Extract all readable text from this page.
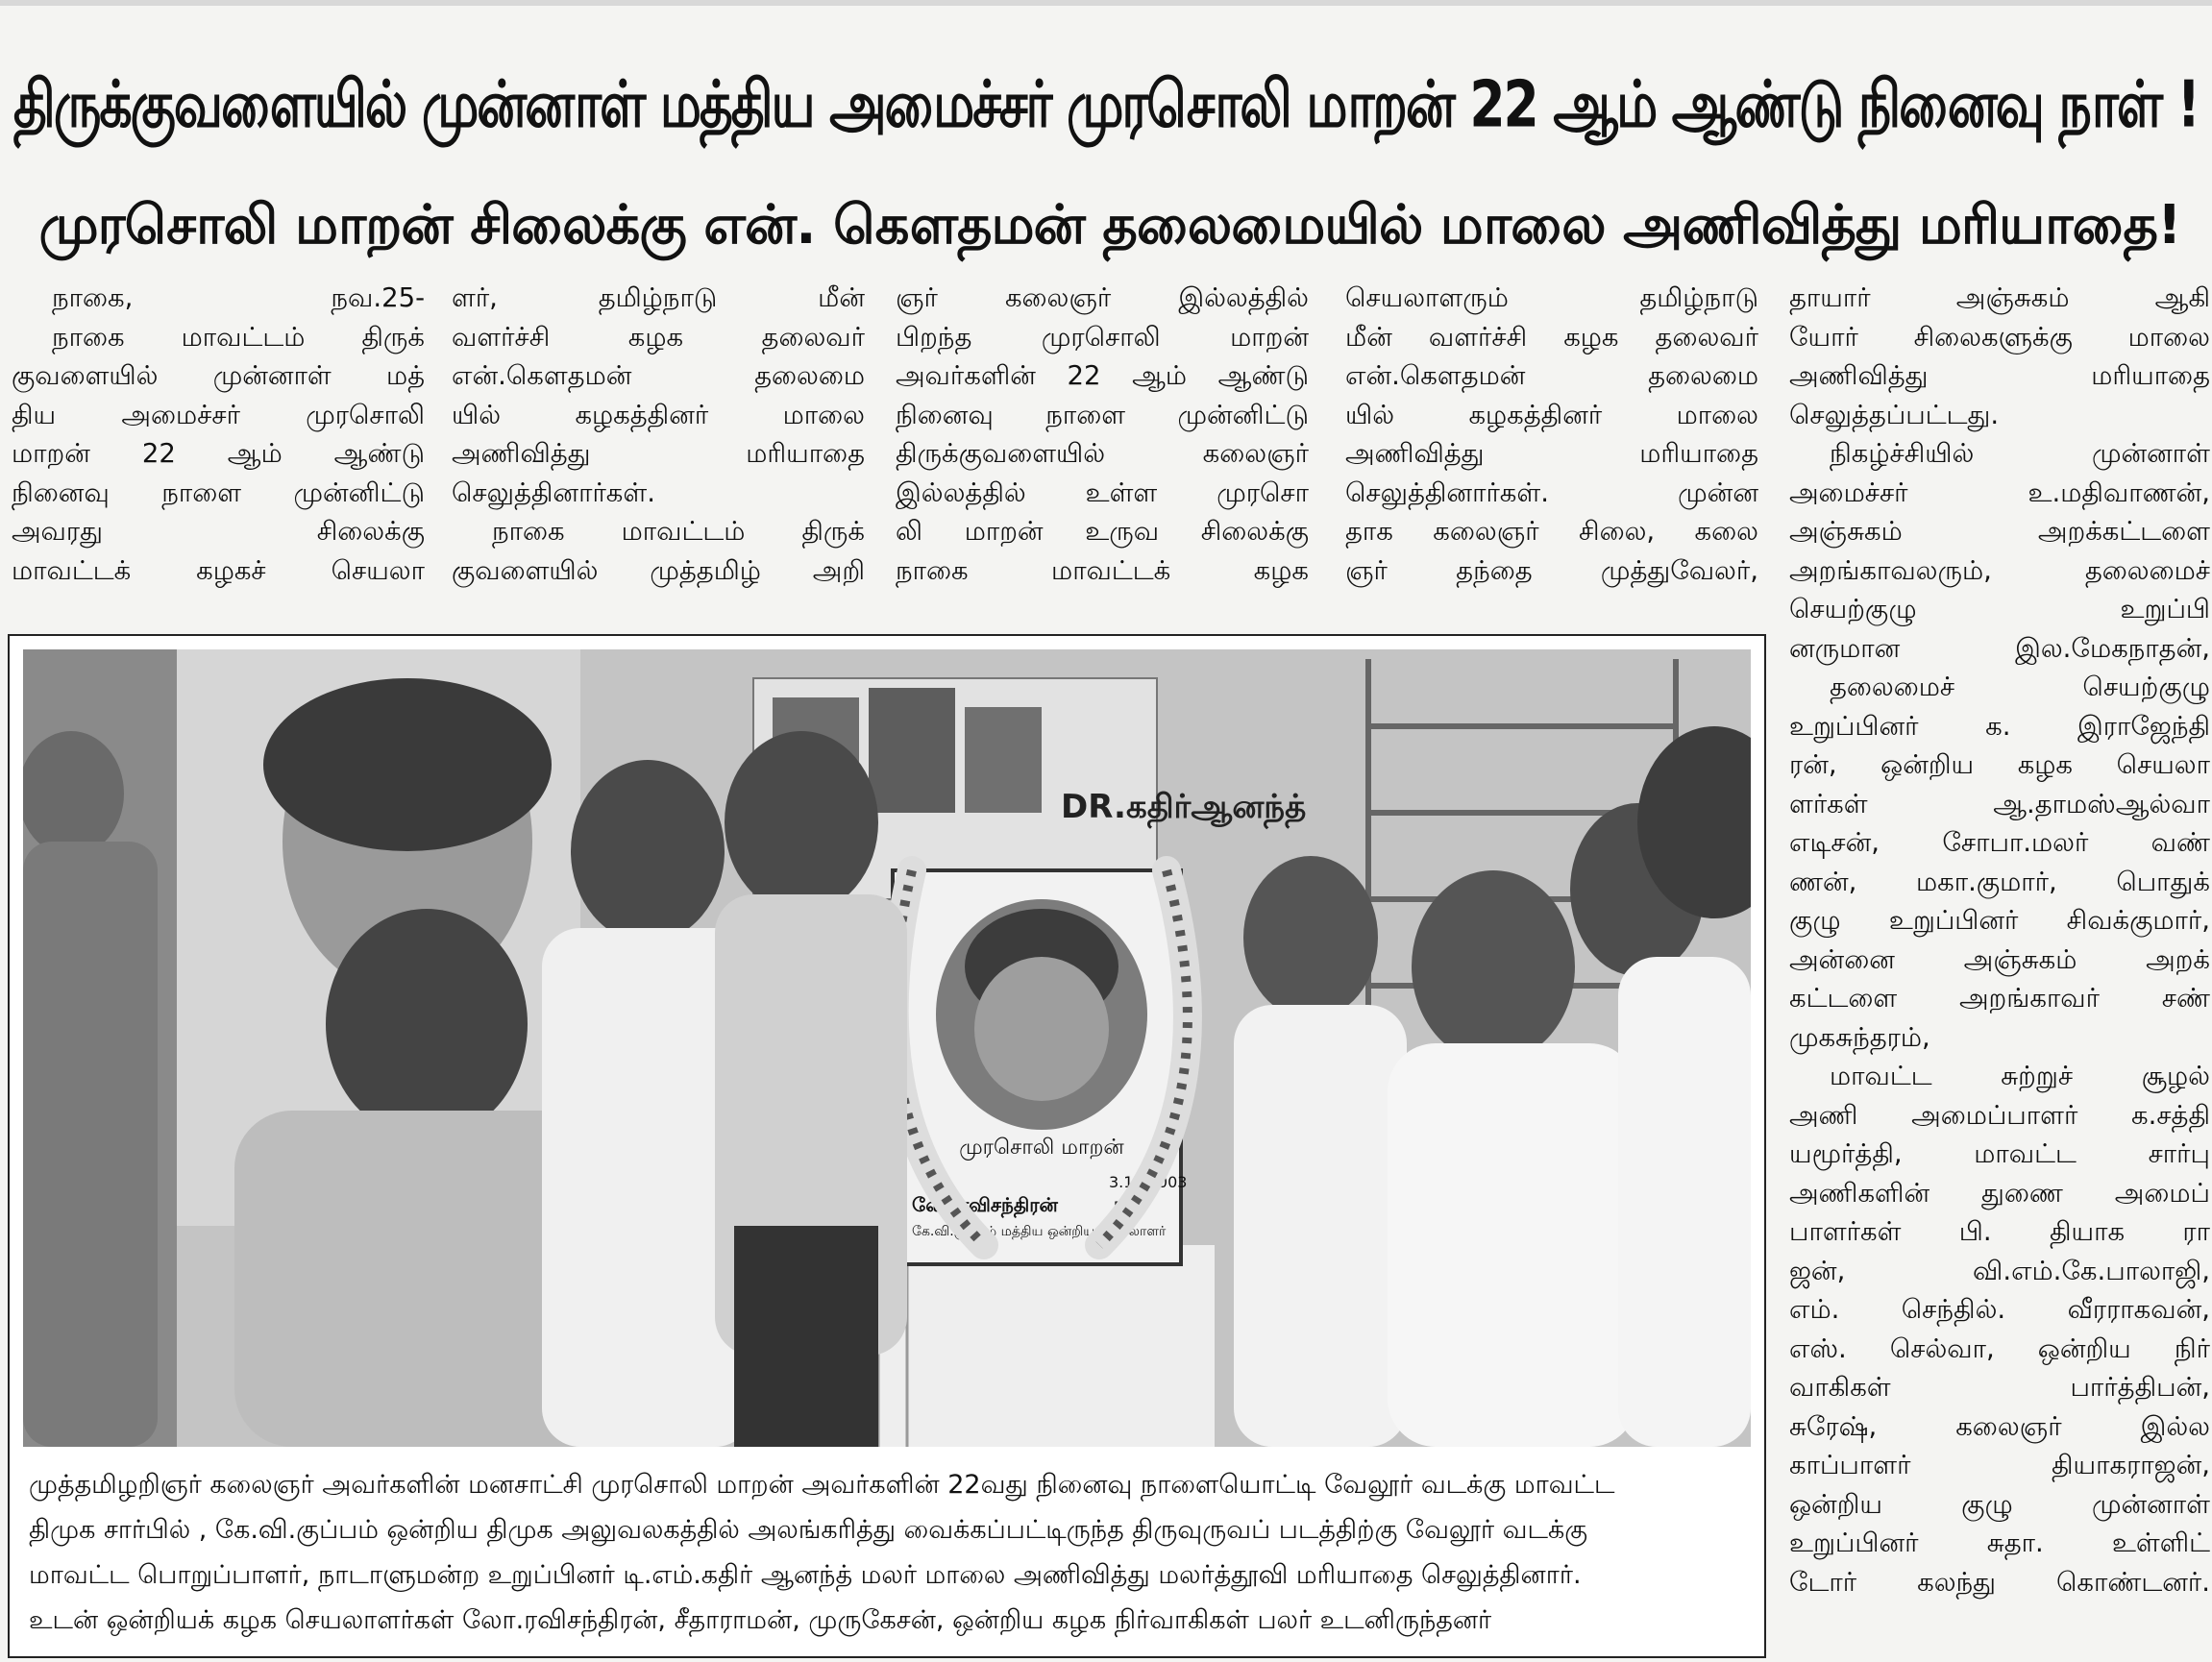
திருக்குவளையில் முன்னாள் மத்திய அமைச்சர் முரசொலி மாறன் 22 ஆம் ஆண்டு நினைவு நாள் !
முரசொலி மாறன் சிலைக்கு என். கௌதமன் தலைமையில் மாலை அணிவித்து மரியாதை!
நாகை, நவ.25-
நாகை மாவட்டம் திருக்
குவளையில் முன்னாள் மத்
திய அமைச்சர் முரசொலி
மாறன் 22 ஆம் ஆண்டு
நினைவு நாளை முன்னிட்டு
அவரது சிலைக்கு
மாவட்டக் கழகச் செயலா
ளர், தமிழ்நாடு மீன்
வளர்ச்சி கழக தலைவர்
என்.கௌதமன் தலைமை
யில் கழகத்தினர் மாலை
அணிவித்து மரியாதை
செலுத்தினார்கள்.
நாகை மாவட்டம் திருக்
குவளையில் முத்தமிழ் அறி
ஞர் கலைஞர் இல்லத்தில்
பிறந்த முரசொலி மாறன்
அவர்களின் 22 ஆம் ஆண்டு
நினைவு நாளை முன்னிட்டு
திருக்குவளையில் கலைஞர்
இல்லத்தில் உள்ள முரசொ
லி மாறன் உருவ சிலைக்கு
நாகை மாவட்டக் கழக
செயலாளரும் தமிழ்நாடு
மீன் வளர்ச்சி கழக தலைவர்
என்.கௌதமன் தலைமை
யில் கழகத்தினர் மாலை
அணிவித்து மரியாதை
செலுத்தினார்கள். முன்ன
தாக கலைஞர் சிலை, கலை
ஞர் தந்தை முத்துவேலர்,
தாயார் அஞ்சுகம் ஆகி
யோர் சிலைகளுக்கு மாலை
அணிவித்து மரியாதை
செலுத்தப்பட்டது.
நிகழ்ச்சியில் முன்னாள்
அமைச்சர் உ.மதிவாணன்,
அஞ்சுகம் அறக்கட்டளை
அறங்காவலரும், தலைமைச்
செயற்குழு உறுப்பி
னருமான இல.மேகநாதன்,
தலைமைச் செயற்குழு
உறுப்பினர் க. இராஜேந்தி
ரன், ஒன்றிய கழக செயலா
ளர்கள் ஆ.தாமஸ்ஆல்வா
எடிசன், சோபா.மலர் வண்
ணன், மகா.குமார், பொதுக்
குழு உறுப்பினர் சிவக்குமார்,
அன்னை அஞ்சுகம் அறக்
கட்டளை அறங்காவர் சண்
முகசுந்தரம்,
மாவட்ட சுற்றுச் சூழல்
அணி அமைப்பாளர் க.சத்தி
யமூர்த்தி, மாவட்ட சார்பு
அணிகளின் துணை அமைப்
பாளர்கள் பி. தியாக ரா
ஜன், வி.எம்.கே.பாலாஜி,
எம். செந்தில். வீரராகவன்,
எஸ். செல்வா, ஒன்றிய நிர்
வாகிகள் பார்த்திபன்,
சுரேஷ், கலைஞர் இல்ல
காப்பாளர் தியாகராஜன்,
ஒன்றிய குழு முன்னாள்
உறுப்பினர் சுதா. உள்ளிட்
டோர் கலந்து கொண்டனர்.
DR.கதிர்ஆனந்த்
முரசொலி மாறன்
3.11.2003
லோ.ரவிசந்திரன்	DCE
கே.வி.குப்பம் மத்திய ஒன்றிய செயலாளர்
முத்தமிழறிஞர் கலைஞர் அவர்களின் மனசாட்சி முரசொலி மாறன் அவர்களின் 22வது நினைவு நாளையொட்டி வேலூர் வடக்கு மாவட்ட
திமுக சார்பில் , கே.வி.குப்பம் ஒன்றிய திமுக அலுவலகத்தில் அலங்கரித்து வைக்கப்பட்டிருந்த திருவுருவப் படத்திற்கு வேலூர் வடக்கு
மாவட்ட பொறுப்பாளர், நாடாளுமன்ற உறுப்பினர் டி.எம்.கதிர் ஆனந்த் மலர் மாலை அணிவித்து மலர்த்தூவி மரியாதை செலுத்தினார்.
உடன் ஒன்றியக் கழக செயலாளர்கள் லோ.ரவிசந்திரன், சீதாராமன், முருகேசன், ஒன்றிய கழக நிர்வாகிகள் பலர் உடனிருந்தனர்
